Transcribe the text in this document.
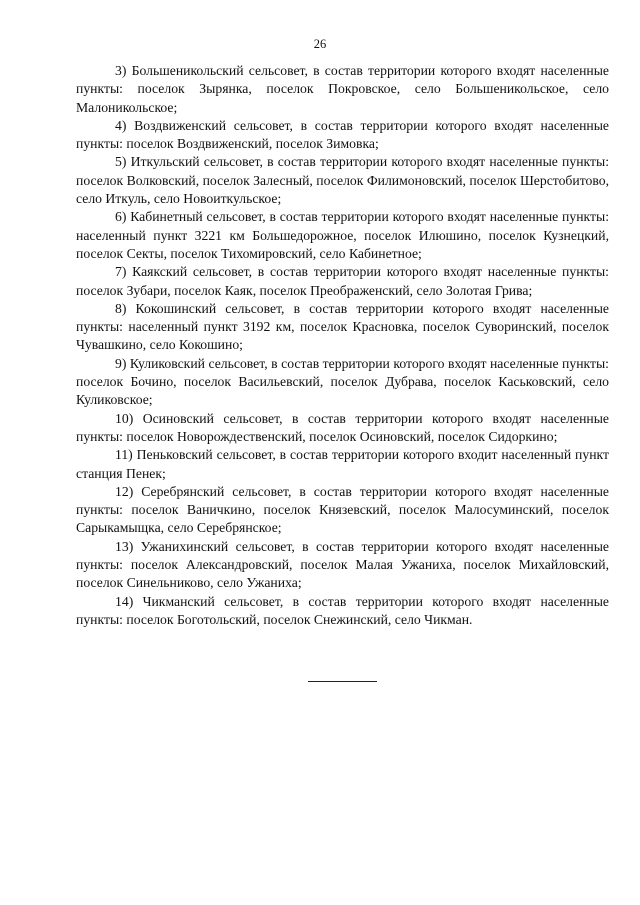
26

3) Большеникольский сельсовет, в состав территории которого входят населенные пункты: поселок Зырянка, поселок Покровское, село Большеникольское, село Малоникольское;

4) Воздвиженский сельсовет, в состав территории которого входят населенные пункты: поселок Воздвиженский, поселок Зимовка;

5) Иткульский сельсовет, в состав территории которого входят населенные пункты: поселок Волковский, поселок Залесный, поселок Филимоновский, поселок Шерстобитово, село Иткуль, село Новоиткульское;

6) Кабинетный сельсовет, в состав территории которого входят населенные пункты: населенный пункт 3221 км Большедорожное, поселок Илюшино, поселок Кузнецкий, поселок Секты, поселок Тихомировский, село Кабинетное;

7) Каякский сельсовет, в состав территории которого входят населенные пункты: поселок Зубари, поселок Каяк, поселок Преображенский, село Золотая Грива;

8) Кокошинский сельсовет, в состав территории которого входят населенные пункты: населенный пункт 3192 км, поселок Красновка, поселок Суворинский, поселок Чувашкино, село Кокошино;

9) Куликовский сельсовет, в состав территории которого входят населенные пункты: поселок Бочино, поселок Васильевский, поселок Дубрава, поселок Каськовский, село Куликовское;

10) Осиновский сельсовет, в состав территории которого входят населенные пункты: поселок Новорождественский, поселок Осиновский, поселок Сидоркино;

11) Пеньковский сельсовет, в состав территории которого входит населенный пункт станция Пенек;

12) Серебрянский сельсовет, в состав территории которого входят населенные пункты: поселок Ваничкино, поселок Князевский, поселок Малосуминский, поселок Сарыкамыщка, село Серебрянское;

13) Ужанихинский сельсовет, в состав территории которого входят населенные пункты: поселок Александровский, поселок Малая Ужаниха, поселок Михайловский, поселок Синельниково, село Ужаниха;

14) Чикманский сельсовет, в состав территории которого входят населенные пункты: поселок Боготольский, поселок Снежинский, село Чикман.
